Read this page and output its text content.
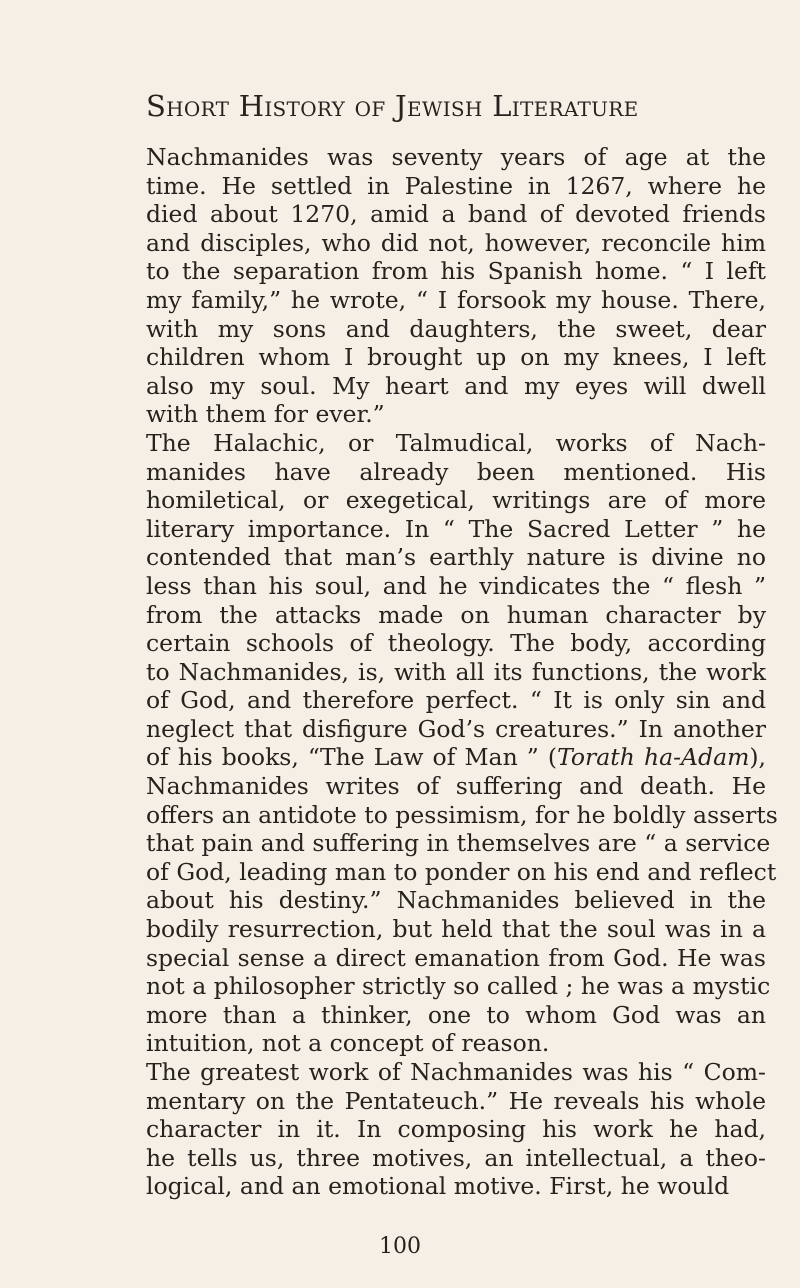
Short History of Jewish Literature
Nachmanides was seventy years of age at the
time. He settled in Palestine in 1267, where he
died about 1270, amid a band of devoted friends
and disciples, who did not, however, reconcile him
to the separation from his Spanish home. “ I left
my family,” he wrote, “ I forsook my house. There,
with my sons and daughters, the sweet, dear
children whom I brought up on my knees, I left
also my soul. My heart and my eyes will dwell
with them for ever.”
The Halachic, or Talmudical, works of Nach-
manides have already been mentioned. His
homiletical, or exegetical, writings are of more
literary importance. In “ The Sacred Letter ” he
contended that man’s earthly nature is divine no
less than his soul, and he vindicates the “ flesh ”
from the attacks made on human character by
certain schools of theology. The body, according
to Nachmanides, is, with all its functions, the work
of God, and therefore perfect. “ It is only sin and
neglect that disfigure God’s creatures.” In another
of his books, “The Law of Man ” (Torath ha-Adam),
Nachmanides writes of suffering and death. He
offers an antidote to pessimism, for he boldly asserts
that pain and suffering in themselves are “ a service
of God, leading man to ponder on his end and reflect
about his destiny.” Nachmanides believed in the
bodily resurrection, but held that the soul was in a
special sense a direct emanation from God. He was
not a philosopher strictly so called ; he was a mystic
more than a thinker, one to whom God was an
intuition, not a concept of reason.
The greatest work of Nachmanides was his “ Com-
mentary on the Pentateuch.” He reveals his whole
character in it. In composing his work he had,
he tells us, three motives, an intellectual, a theo-
logical, and an emotional motive. First, he would

100
